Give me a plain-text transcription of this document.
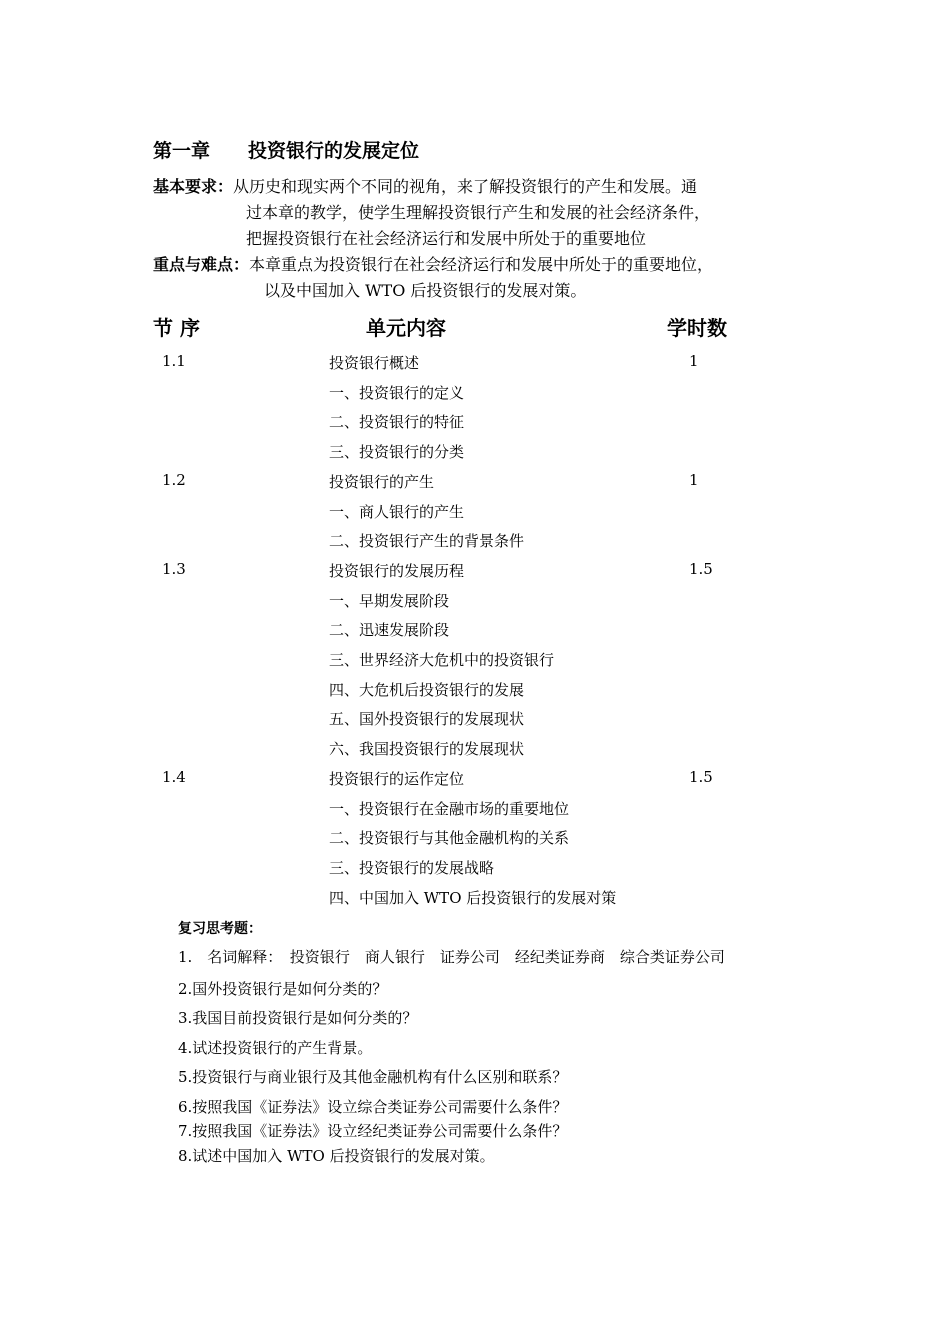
第一章 投资银行的发展定位
基本要求：从历史和现实两个不同的视角，来了解投资银行的产生和发展。通
过本章的教学，使学生理解投资银行产生和发展的社会经济条件，
把握投资银行在社会经济运行和发展中所处于的重要地位
重点与难点：本章重点为投资银行在社会经济运行和发展中所处于的重要地位，
以及中国加入 WTO 后投资银行的发展对策。
节 序	单元内容	学时数
1.1	投资银行概述	1
一、投资银行的定义
二、投资银行的特征
三、投资银行的分类
1.2	投资银行的产生	1
一、商人银行的产生
二、投资银行产生的背景条件
1.3	投资银行的发展历程	1.5
一、早期发展阶段
二、迅速发展阶段
三、世界经济大危机中的投资银行
四、大危机后投资银行的发展
五、国外投资银行的发展现状
六、我国投资银行的发展现状
1.4	投资银行的运作定位	1.5
一、投资银行在金融市场的重要地位
二、投资银行与其他金融机构的关系
三、投资银行的发展战略
四、中国加入 WTO 后投资银行的发展对策
复习思考题：
1.　名词解释：　投资银行　商人银行　证券公司　经纪类证券商　综合类证券公司
2.国外投资银行是如何分类的？
3.我国目前投资银行是如何分类的？
4.试述投资银行的产生背景。
5.投资银行与商业银行及其他金融机构有什么区别和联系？
6.按照我国《证券法》设立综合类证券公司需要什么条件？
7.按照我国《证券法》设立经纪类证券公司需要什么条件？
8.试述中国加入 WTO 后投资银行的发展对策。
